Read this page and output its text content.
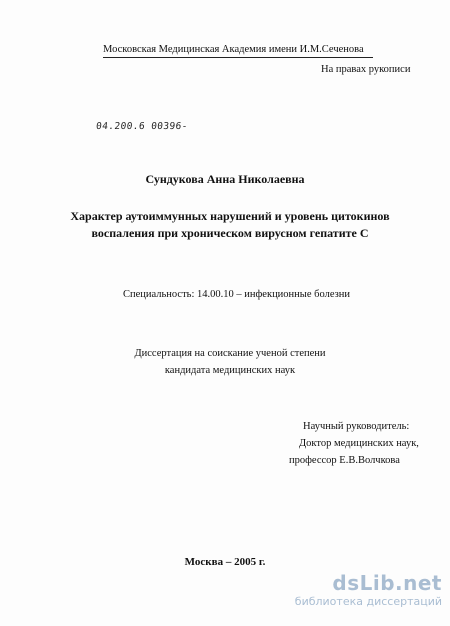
Московская Медицинская Академия имени И.М.Сеченова
На правах рукописи
04.200.6 00396-
Сундукова Анна Николаевна
Характер аутоиммунных нарушений и уровень цитокинов
воспаления при хроническом вирусном гепатите С
Специальность: 14.00.10 – инфекционные болезни
Диссертация на соискание ученой степени
кандидата медицинских наук
Научный руководитель:
Доктор медицинских наук,
профессор Е.В.Волчкова
Москва – 2005 г.
dsLib.net
библиотека диссертаций
